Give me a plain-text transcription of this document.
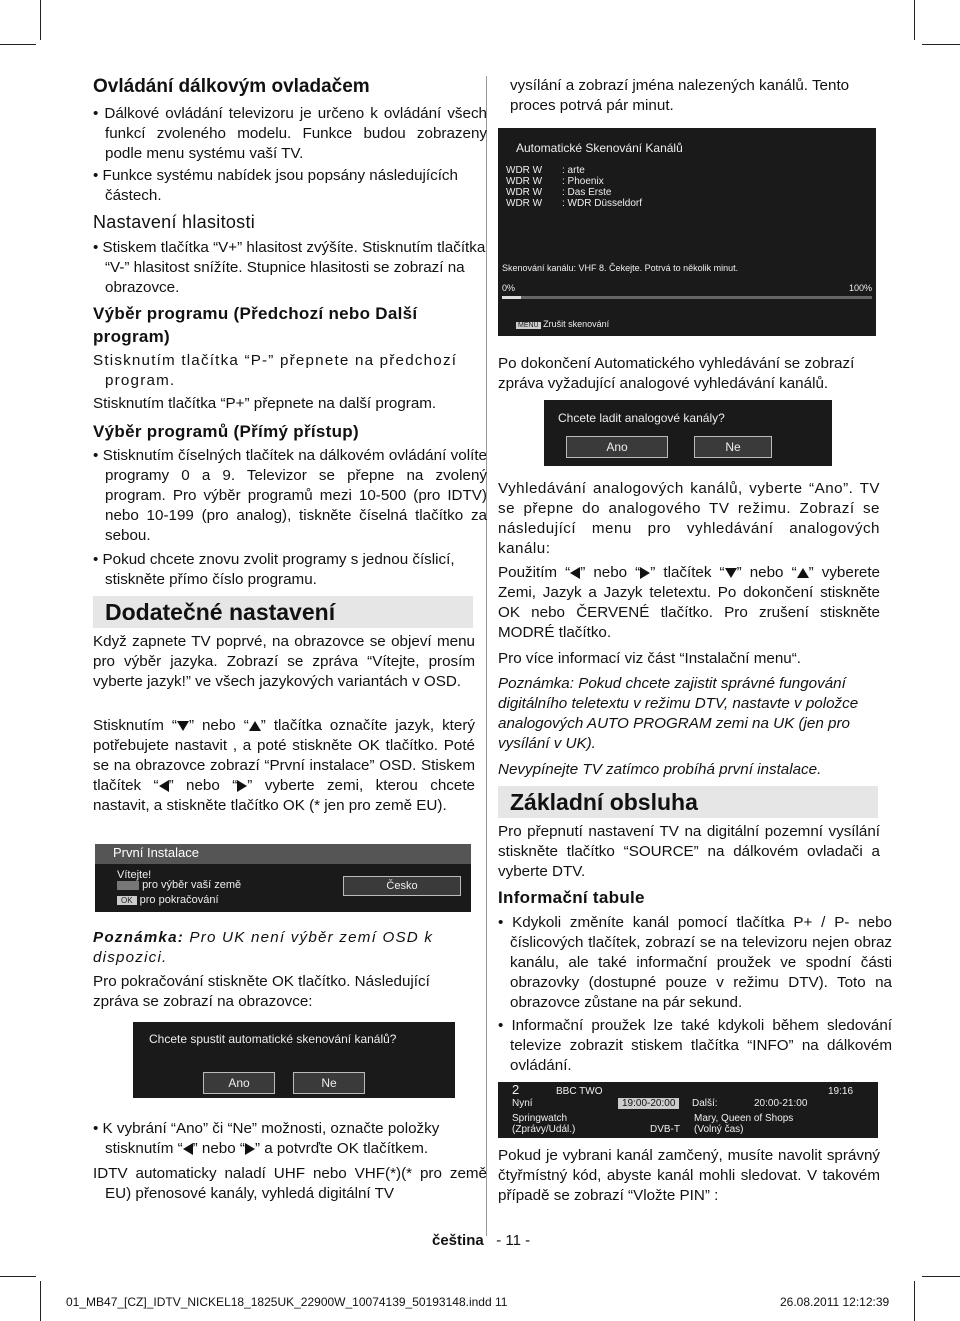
Ovládání dálkovým ovladačem
• Dálkové ovládání televizoru je určeno k ovládání všech funkcí zvoleného modelu. Funkce budou zobrazeny podle menu systému vaší TV.
• Funkce systému nabídek jsou popsány následujících částech.
Nastavení hlasitosti
• Stiskem tlačítka “V+” hlasitost zvýšíte. Stisknutím tlačítka “V-” hlasitost snížíte. Stupnice hlasitosti se zobrazí na obrazovce.
Výběr programu (Předchozí nebo Další program)
Stisknutím tlačítka “P-” přepnete na předchozí program.
Stisknutím tlačítka “P+” přepnete na další program.
Výběr programů (Přímý přístup)
• Stisknutím číselných tlačítek na dálkovém ovládání volíte programy 0 a 9. Televizor se přepne na zvolený program. Pro výběr programů mezi 10-500 (pro IDTV) nebo 10-199 (pro analog), tiskněte číselná tlačítko za sebou.
• Pokud chcete znovu zvolit programy s jednou číslicí, stiskněte přímo číslo programu.
Dodatečné nastavení
Když zapnete TV poprvé, na obrazovce se objeví menu pro výběr jazyka. Zobrazí se zpráva “Vítejte, prosím vyberte jazyk!” ve všech jazykových variantách v OSD.
Stisknutím “ ” nebo “ ” tlačítka označíte jazyk, který potřebujete nastavit , a poté stiskněte OK tlačítko. Poté se na obrazovce zobrazí “První instalace” OSD. Stiskem tlačítek “ ” nebo “ ” vyberte zemi, kterou chcete nastavit, a stiskněte tlačítko OK (* jen pro země EU).
První Instalace
Vítejte!
pro výběr vaší země
OK pro pokračování
Česko
Poznámka: Pro UK není výběr zemí OSD k dispozici.
Pro pokračování stiskněte OK tlačítko. Následující zpráva se zobrazí na obrazovce:
Chcete spustit automatické skenování kanálů?
Ano	Ne
• K vybrání “Ano” či “Ne” možnosti, označte položky stisknutím “ ” nebo “ ” a potvrďte OK tlačítkem.
IDTV automaticky naladí UHF nebo VHF(*)(* pro země EU) přenosové kanály, vyhledá digitální TV
vysílání a zobrazí jména nalezených kanálů. Tento proces potrvá pár minut.
Automatické Skenování Kanálů
WDR W : arte
WDR W : Phoenix
WDR W : Das Erste
WDR W : WDR Düsseldorf
Skenování kanálu: VHF 8. Čekejte. Potrvá to několik minut.
0%	100%
MENU Zrušit skenování
Po dokončení Automatického vyhledávání se zobrazí zpráva vyžadující analogové vyhledávání kanálů.
Chcete ladit analogové kanály?
Ano	Ne
Vyhledávání analogových kanálů, vyberte “Ano”. TV se přepne do analogového TV režimu. Zobrazí se následující menu pro vyhledávání analogových kanálu:
Použitím “ ” nebo “ ” tlačítek “ ” nebo “ ” vyberete Zemi, Jazyk a Jazyk teletextu. Po dokončení stiskněte OK nebo ČERVENÉ tlačítko. Pro zrušení stiskněte MODRÉ tlačítko.
Pro více informací viz část “Instalační menu“.
Poznámka: Pokud chcete zajistit správné fungování digitálního teletextu v režimu DTV, nastavte v položce analogových AUTO PROGRAM zemi na UK (jen pro vysílání v UK).
Nevypínejte TV zatímco probíhá první instalace.
Základní obsluha
Pro přepnutí nastavení TV na digitální pozemní vysílání stiskněte tlačítko “SOURCE” na dálkovém ovladači a vyberte DTV.
Informační tabule
• Kdykoli změníte kanál pomocí tlačítka P+ / P- nebo číslicových tlačítek, zobrazí se na televizoru nejen obraz kanálu, ale také informační proužek ve spodní části obrazovky (dostupné pouze v režimu DTV). Toto na obrazovce zůstane na pár sekund.
• Informační proužek lze také kdykoli během sledování televize zobrazit stiskem tlačítka “INFO” na dálkovém ovládání.
2	BBC TWO	19:16
Nyní	19:00-20:00	Další:	20:00-21:00
Springwatch
(Zprávy/Udál.)	DVB-T
Mary, Queen of Shops
(Volný čas)
Pokud je vybrani kanál zamčený, musíte navolit správný čtyřmístný kód, abyste kanál mohli sledovat. V takovém případě se zobrazí “Vložte PIN” :
čeština - 11 -
01_MB47_[CZ]_IDTV_NICKEL18_1825UK_22900W_10074139_50193148.indd 11	26.08.2011 12:12:39
